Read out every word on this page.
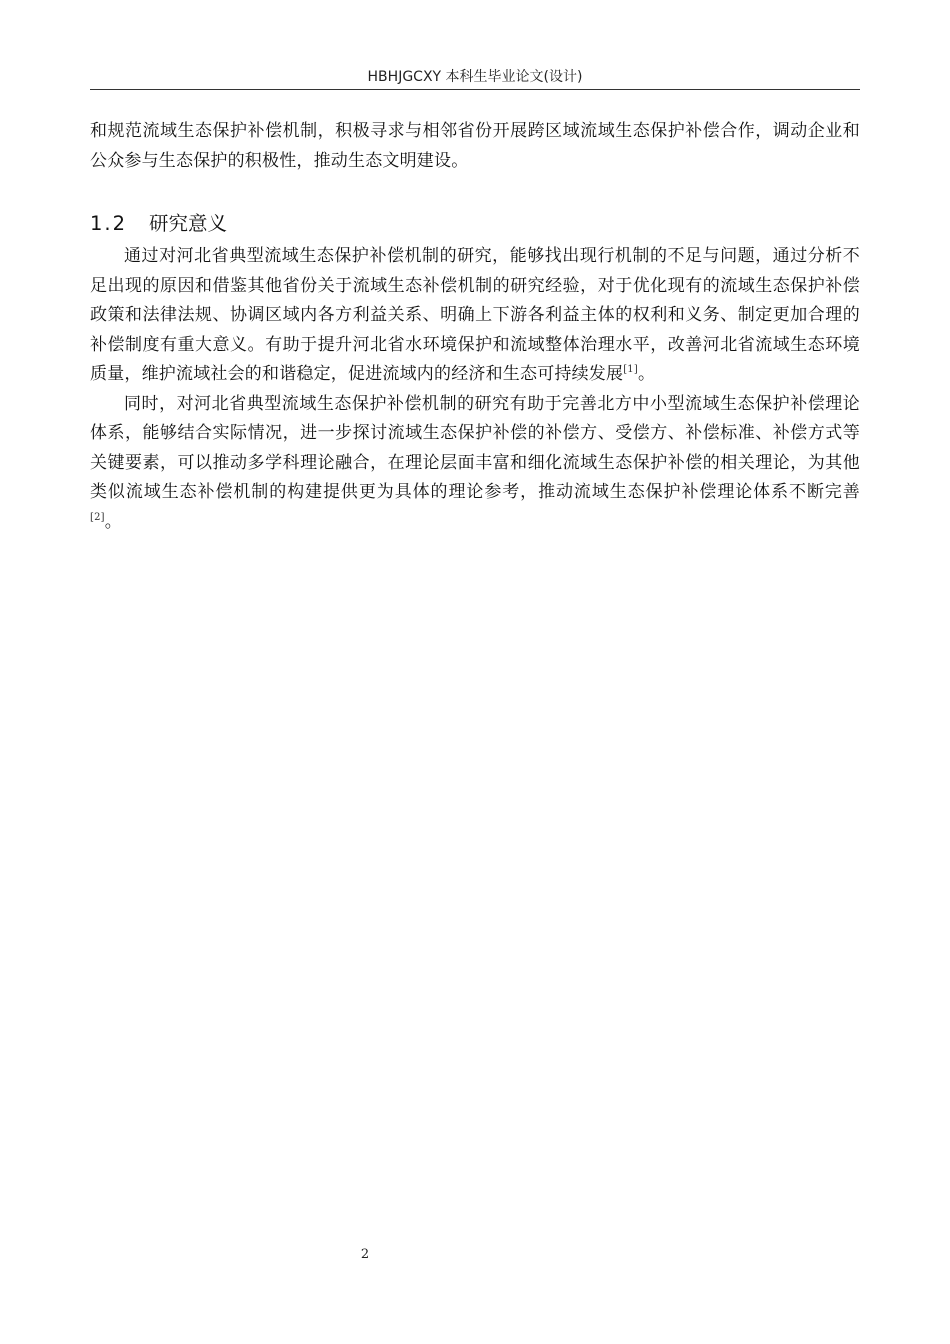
HBHJGCXY 本科生毕业论文(设计)

和规范流域生态保护补偿机制，积极寻求与相邻省份开展跨区域流域生态保护补偿合作，调动企业和公众参与生态保护的积极性，推动生态文明建设。

1.2 研究意义

通过对河北省典型流域生态保护补偿机制的研究，能够找出现行机制的不足与问题，通过分析不足出现的原因和借鉴其他省份关于流域生态补偿机制的研究经验，对于优化现有的流域生态保护补偿政策和法律法规、协调区域内各方利益关系、明确上下游各利益主体的权利和义务、制定更加合理的补偿制度有重大意义。有助于提升河北省水环境保护和流域整体治理水平，改善河北省流域生态环境质量，维护流域社会的和谐稳定，促进流域内的经济和生态可持续发展[1]。

同时，对河北省典型流域生态保护补偿机制的研究有助于完善北方中小型流域生态保护补偿理论体系，能够结合实际情况，进一步探讨流域生态保护补偿的补偿方、受偿方、补偿标准、补偿方式等关键要素，可以推动多学科理论融合，在理论层面丰富和细化流域生态保护补偿的相关理论，为其他类似流域生态补偿机制的构建提供更为具体的理论参考，推动流域生态保护补偿理论体系不断完善[2]。

2
